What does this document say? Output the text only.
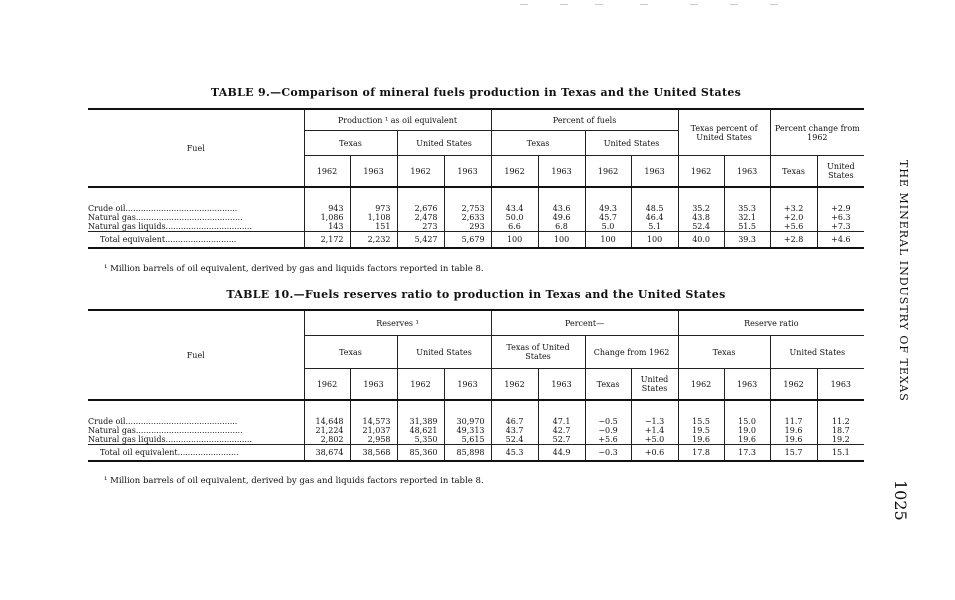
TABLE 9.—Comparison of mineral fuels production in Texas and the United States
Fuel	Production ¹ as oil equivalent				Percent of fuels				Texas percent of United States		Percent change from 1962	
	Texas		United States		Texas		United States					
	1962	1963	1962	1963	1962	1963	1962	1963	1962	1963	Texas	United States

Crude oil............................................	943	973	2,676	2,753	43.4	43.6	49.3	48.5	35.2	35.3	+3.2	+2.9

Natural gas..........................................	1,086	1,108	2,478	2,633	50.0	49.6	45.7	46.4	43.8	32.1	+2.0	+6.3

Natural gas liquids..................................	143	151	273	293	6.6	6.8	5.0	5.1	52.4	51.5	+5.6	+7.3

Total equivalent............................	2,172	2,232	5,427	5,679	100	100	100	100	40.0	39.3	+2.8	+4.6
¹ Million barrels of oil equivalent, derived by gas and liquids factors reported in table 8.
TABLE 10.—Fuels reserves ratio to production in Texas and the United States
Fuel	Reserves ¹				Percent—				Reserve ratio			
	Texas		United States		Texas of United States		Change from 1962		Texas		United States	
	1962	1963	1962	1963	1962	1963	Texas	United States	1962	1963	1962	1963

Crude oil............................................	14,648	14,573	31,389	30,970	46.7	47.1	−0.5	−1.3	15.5	15.0	11.7	11.2

Natural gas..........................................	21,224	21,037	48,621	49,313	43.7	42.7	−0.9	+1.4	19.5	19.0	19.6	18.7

Natural gas liquids..................................	2,802	2,958	5,350	5,615	52.4	52.7	+5.6	+5.0	19.6	19.6	19.6	19.2

Total oil equivalent........................	38,674	38,568	85,360	85,898	45.3	44.9	−0.3	+0.6	17.8	17.3	15.7	15.1
¹ Million barrels of oil equivalent, derived by gas and liquids factors reported in table 8.
THE MINERAL INDUSTRY OF TEXAS
1025
